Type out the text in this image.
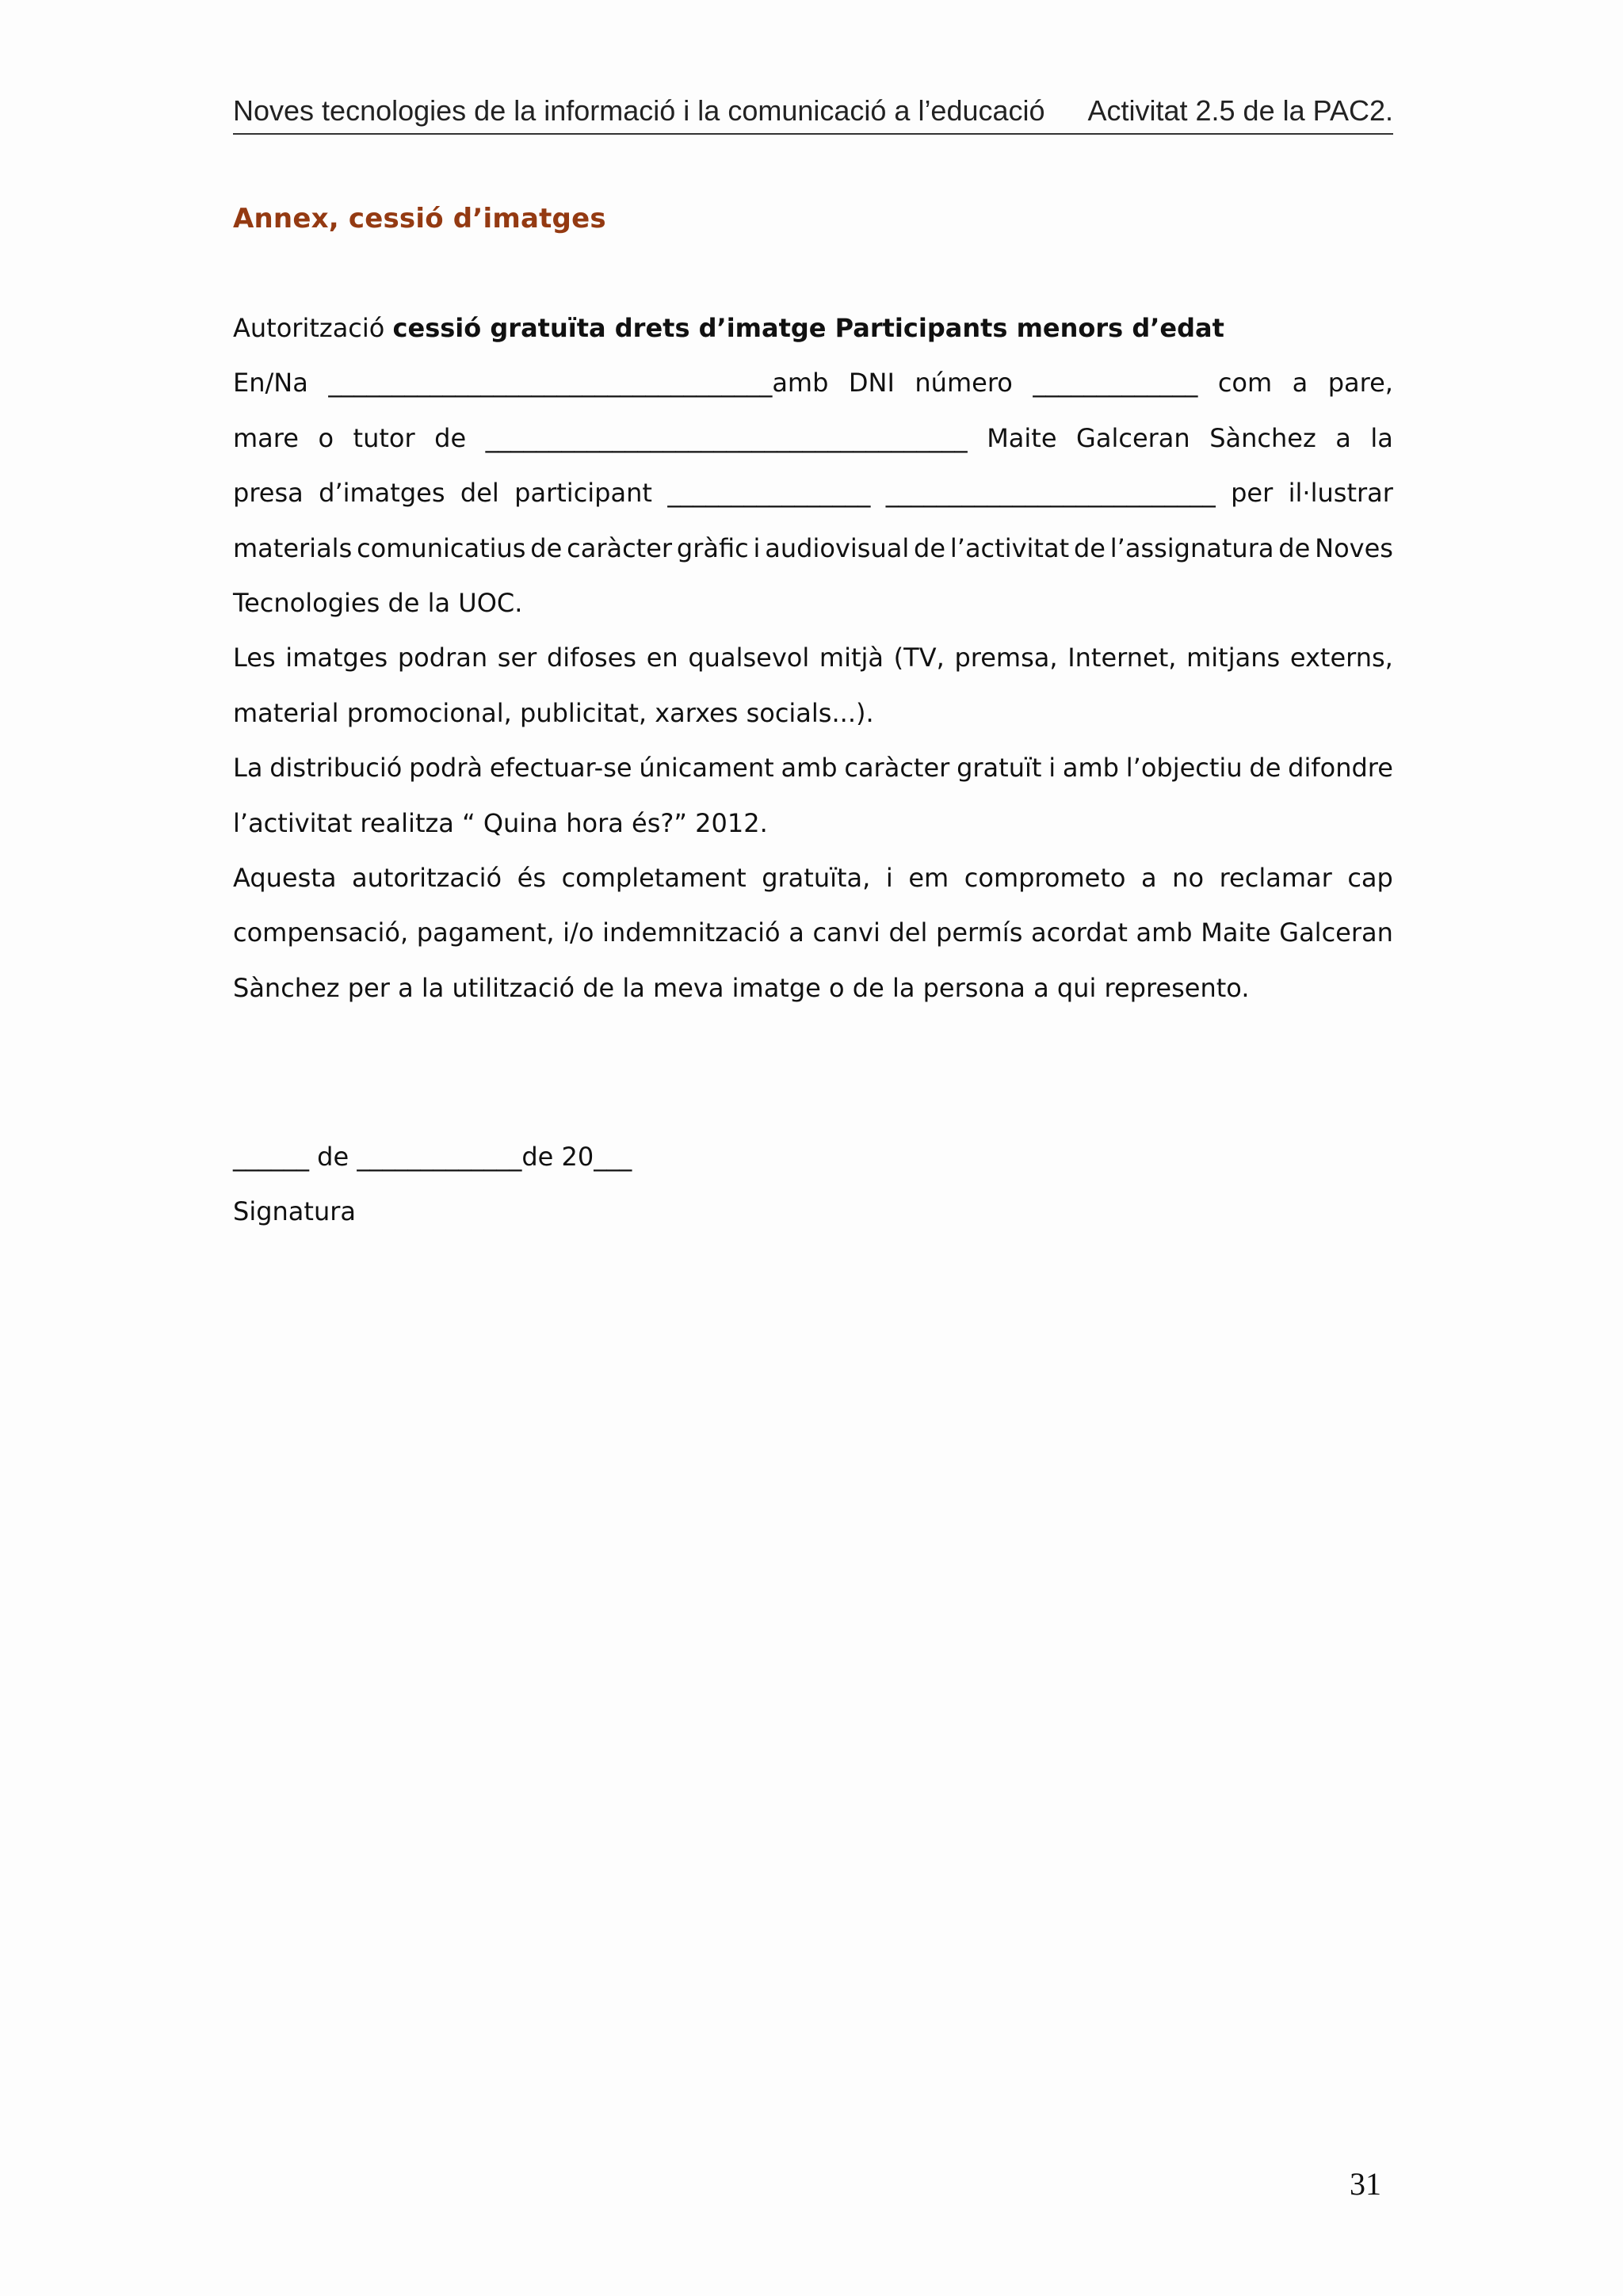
Noves tecnologies de la informació i la comunicació a l’educació Activitat 2.5 de la PAC2.
Annex, cessió d’imatges
Autorització cessió gratuïta drets d’imatge Participants menors d’edat
En/Na ___________________________________amb DNI número _____________ com a pare,
mare o tutor de ______________________________________ Maite Galceran Sànchez a la
presa d’imatges del participant ________________ __________________________ per il·lustrar
materials comunicatius de caràcter gràfic i audiovisual de l’activitat de l’assignatura de Noves
Tecnologies de la UOC.
Les imatges podran ser difoses en qualsevol mitjà (TV, premsa, Internet, mitjans externs,
material promocional, publicitat, xarxes socials...).
La distribució podrà efectuar-se únicament amb caràcter gratuït i amb l’objectiu de difondre
l’activitat realitza “ Quina hora és?” 2012.
Aquesta autorització és completament gratuïta, i em comprometo a no reclamar cap
compensació, pagament, i/o indemnització a canvi del permís acordat amb Maite Galceran
Sànchez per a la utilització de la meva imatge o de la persona a qui represento.
______ de _____________de 20___
Signatura
31
